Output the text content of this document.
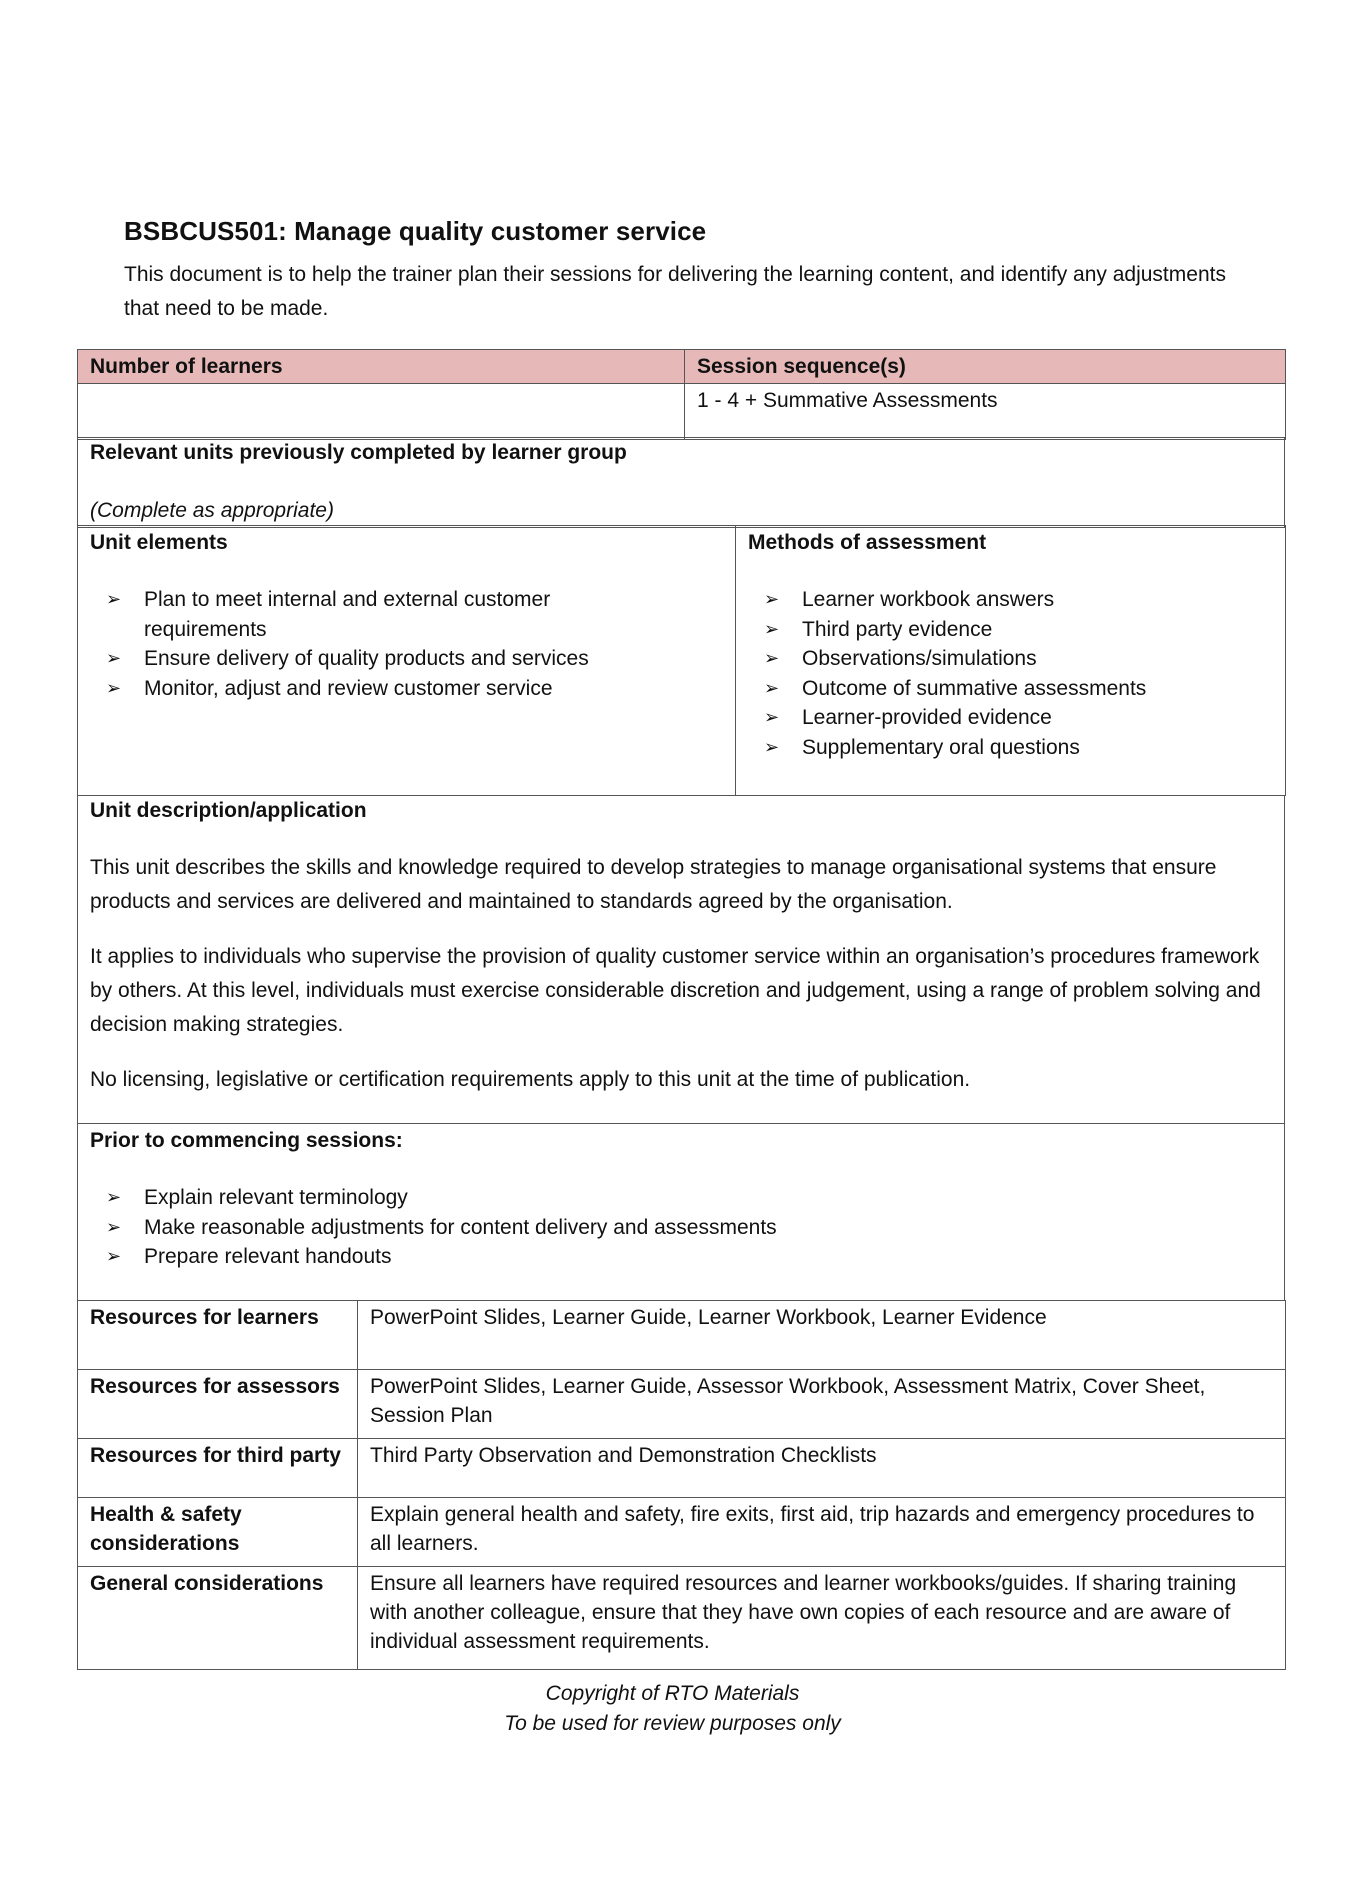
BSBCUS501: Manage quality customer service

This document is to help the trainer plan their sessions for delivering the learning content, and identify any adjustments that need to be made.

Number of learners	Session sequence(s)
	1 - 4 + Summative Assessments
Relevant units previously completed by learner group
(Complete as appropriate)
Unit elements
➢ Plan to meet internal and external customer requirements
➢ Ensure delivery of quality products and services
➢ Monitor, adjust and review customer service

Methods of assessment
➢ Learner workbook answers
➢ Third party evidence
➢ Observations/simulations
➢ Outcome of summative assessments
➢ Learner-provided evidence
➢ Supplementary oral questions
Unit description/application

This unit describes the skills and knowledge required to develop strategies to manage organisational systems that ensure products and services are delivered and maintained to standards agreed by the organisation.

It applies to individuals who supervise the provision of quality customer service within an organisation’s procedures framework by others. At this level, individuals must exercise considerable discretion and judgement, using a range of problem solving and decision making strategies.

No licensing, legislative or certification requirements apply to this unit at the time of publication.

Prior to commencing sessions:
➢ Explain relevant terminology
➢ Make reasonable adjustments for content delivery and assessments
➢ Prepare relevant handouts
Resources for learners	PowerPoint Slides, Learner Guide, Learner Workbook, Learner Evidence
Resources for assessors	PowerPoint Slides, Learner Guide, Assessor Workbook, Assessment Matrix, Cover Sheet, Session Plan
Resources for third party	Third Party Observation and Demonstration Checklists
Health & safety considerations	Explain general health and safety, fire exits, first aid, trip hazards and emergency procedures to all learners.
General considerations	Ensure all learners have required resources and learner workbooks/guides. If sharing training with another colleague, ensure that they have own copies of each resource and are aware of individual assessment requirements.
Copyright of RTO Materials
To be used for review purposes only
